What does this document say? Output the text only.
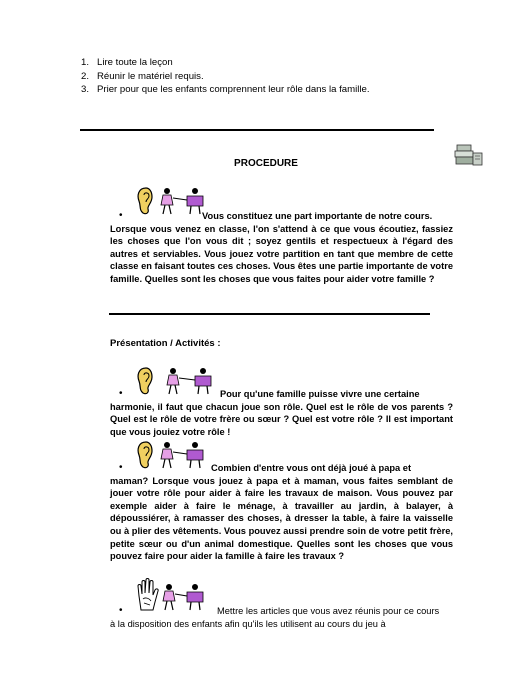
1. Lire toute la leçon
2. Réunir le matériel requis.
3. Prier pour que les enfants comprennent leur rôle dans la famille.
PROCEDURE
•	Vous constituez une part importante de notre cours.
Lorsque vous venez en classe, l'on s'attend à ce que vous écoutiez, fassiez les choses que l'on vous dit ; soyez gentils et respectueux à l'égard des autres et serviables. Vous jouez votre partition en tant que membre de cette classe en faisant toutes ces choses. Vous êtes une partie importante de votre famille. Quelles sont les choses que vous faites pour aider votre famille ?
Présentation / Activités :
•	Pour qu'une famille puisse vivre une certaine
harmonie, il faut que chacun joue son rôle. Quel est le rôle de vos parents ? Quel est le rôle de votre frère ou sœur ? Quel est votre rôle ? Il est important que vous jouiez votre rôle !
•	Combien d'entre vous ont déjà joué à papa et
maman? Lorsque vous jouez à papa et à maman, vous faites semblant de jouer votre rôle pour aider à faire les travaux de maison. Vous pouvez par exemple aider à faire le ménage, à travailler au jardin, à balayer, à dépoussiérer, à ramasser des choses, à dresser la table, à faire la vaisselle ou à plier des vêtements. Vous pouvez aussi prendre soin de votre petit frère, petite sœur ou d'un animal domestique. Quelles sont les choses que vous pouvez faire pour aider la famille à faire les travaux ?
•	Mettre les articles que vous avez réunis pour ce cours
à la disposition des enfants afin qu'ils les utilisent au cours du jeu à
